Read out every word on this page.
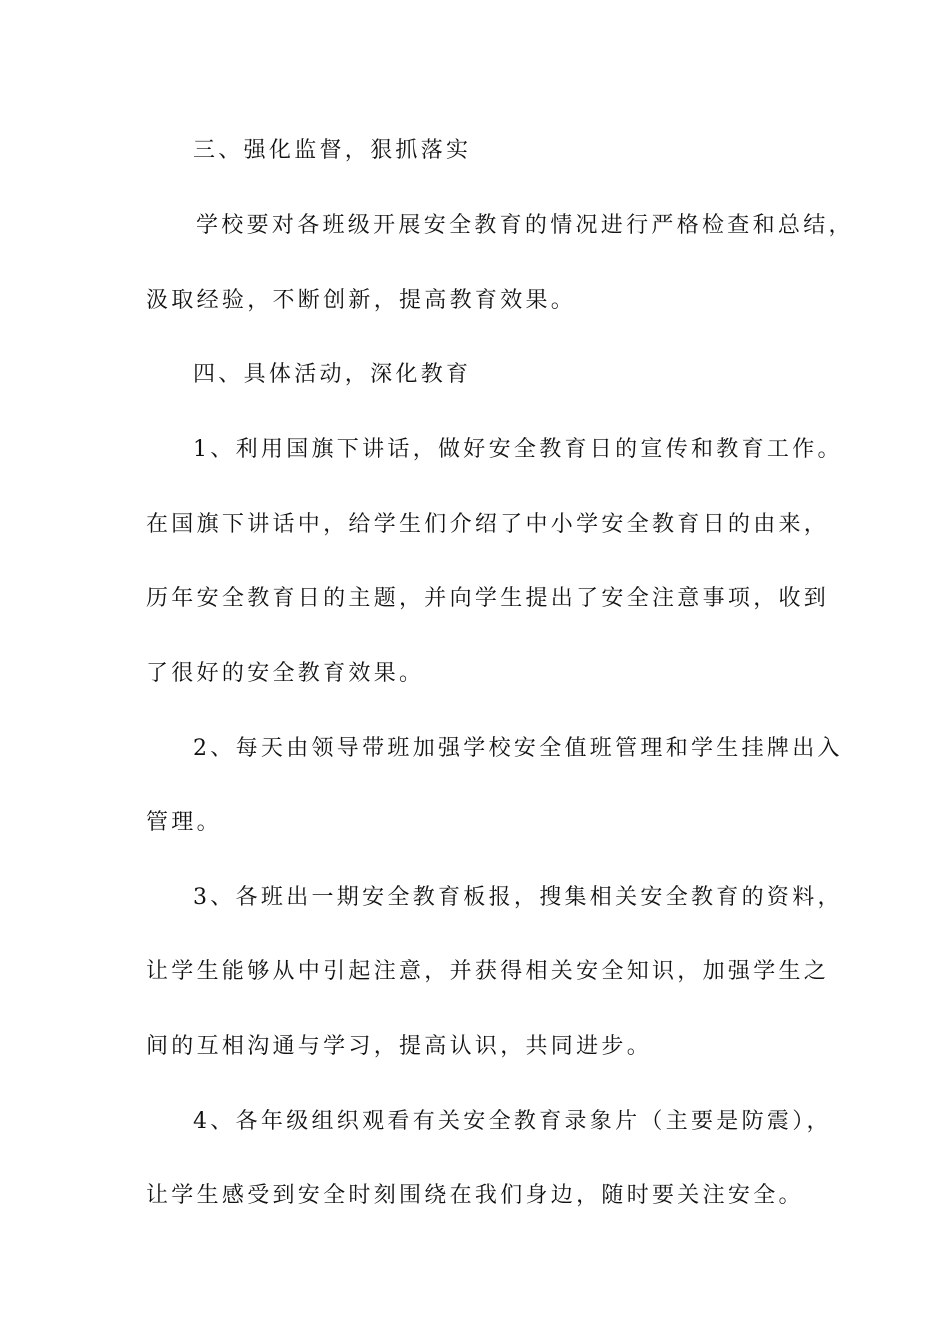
三、强化监督，狠抓落实
学校要对各班级开展安全教育的情况进行严格检查和总结，
汲取经验，不断创新，提高教育效果。
四、具体活动，深化教育
1、利用国旗下讲话，做好安全教育日的宣传和教育工作。
在国旗下讲话中，给学生们介绍了中小学安全教育日的由来，
历年安全教育日的主题，并向学生提出了安全注意事项，收到
了很好的安全教育效果。
2、每天由领导带班加强学校安全值班管理和学生挂牌出入
管理。
3、各班出一期安全教育板报，搜集相关安全教育的资料，
让学生能够从中引起注意，并获得相关安全知识，加强学生之
间的互相沟通与学习，提高认识，共同进步。
4、各年级组织观看有关安全教育录象片（主要是防震），
让学生感受到安全时刻围绕在我们身边，随时要关注安全。
